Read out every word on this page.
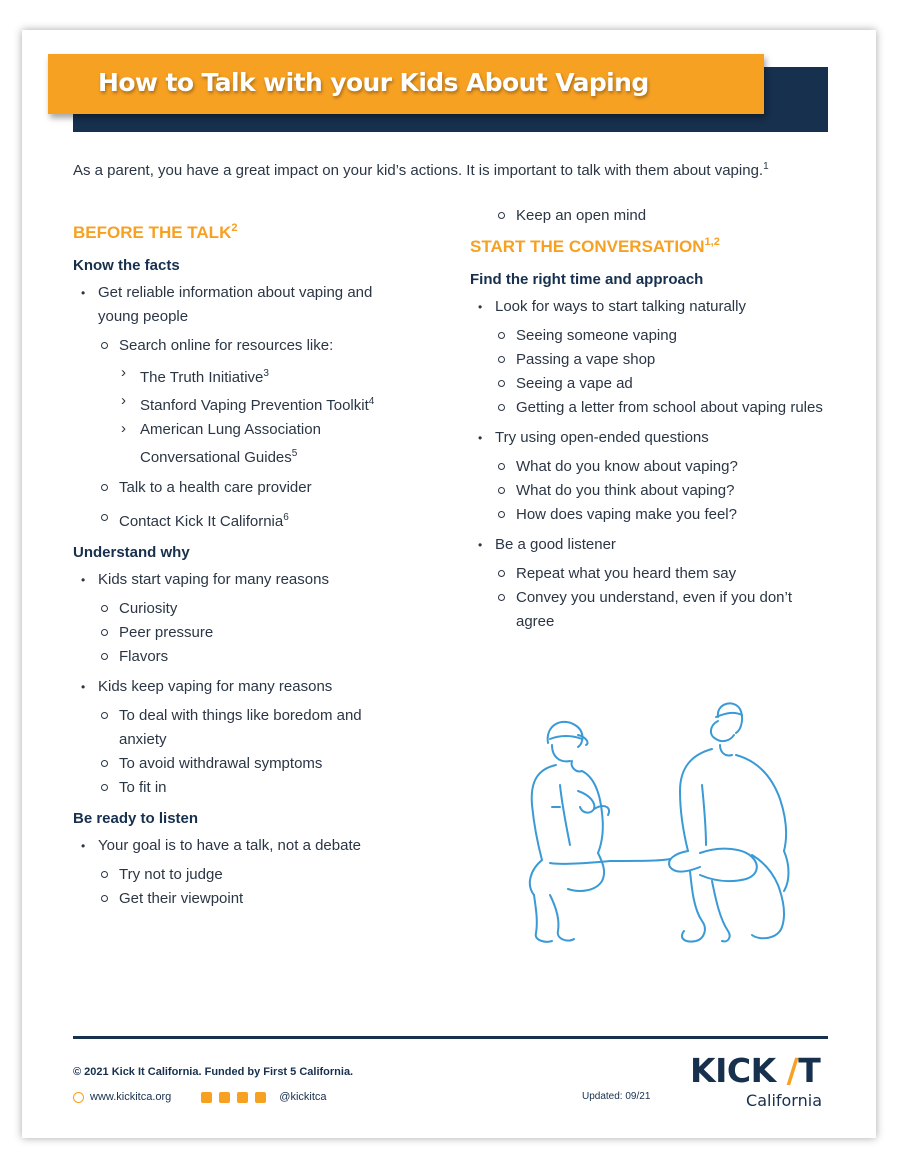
How to Talk with your Kids About Vaping
As a parent, you have a great impact on your kid’s actions. It is important to talk with them about vaping.$^1$
BEFORE THE TALK$^2$
Know the facts
• Get reliable information about vaping and young people
Search online for resources like:
› The Truth Initiative$^3$
› Stanford Vaping Prevention Toolkit$^4$
› American Lung Association Conversational Guides$^5$
Talk to a health care provider
Contact Kick It California$^6$
Understand why
• Kids start vaping for many reasons
Curiosity
Peer pressure
Flavors
• Kids keep vaping for many reasons
To deal with things like boredom and anxiety
To avoid withdrawal symptoms
To fit in
Be ready to listen
• Your goal is to have a talk, not a debate
Try not to judge
Get their viewpoint
Keep an open mind
START THE CONVERSATION$^{1,2}$
Find the right time and approach
• Look for ways to start talking naturally
Seeing someone vaping
Passing a vape shop
Seeing a vape ad
Getting a letter from school about vaping rules
• Try using open-ended questions
What do you know about vaping?
What do you think about vaping?
How does vaping make you feel?
• Be a good listener
Repeat what you heard them say
Convey you understand, even if you don’t agree
© 2021 Kick It California. Funded by First 5 California.
www.kickitca.org	@kickitca	Updated: 09/21
KICK /T
California
